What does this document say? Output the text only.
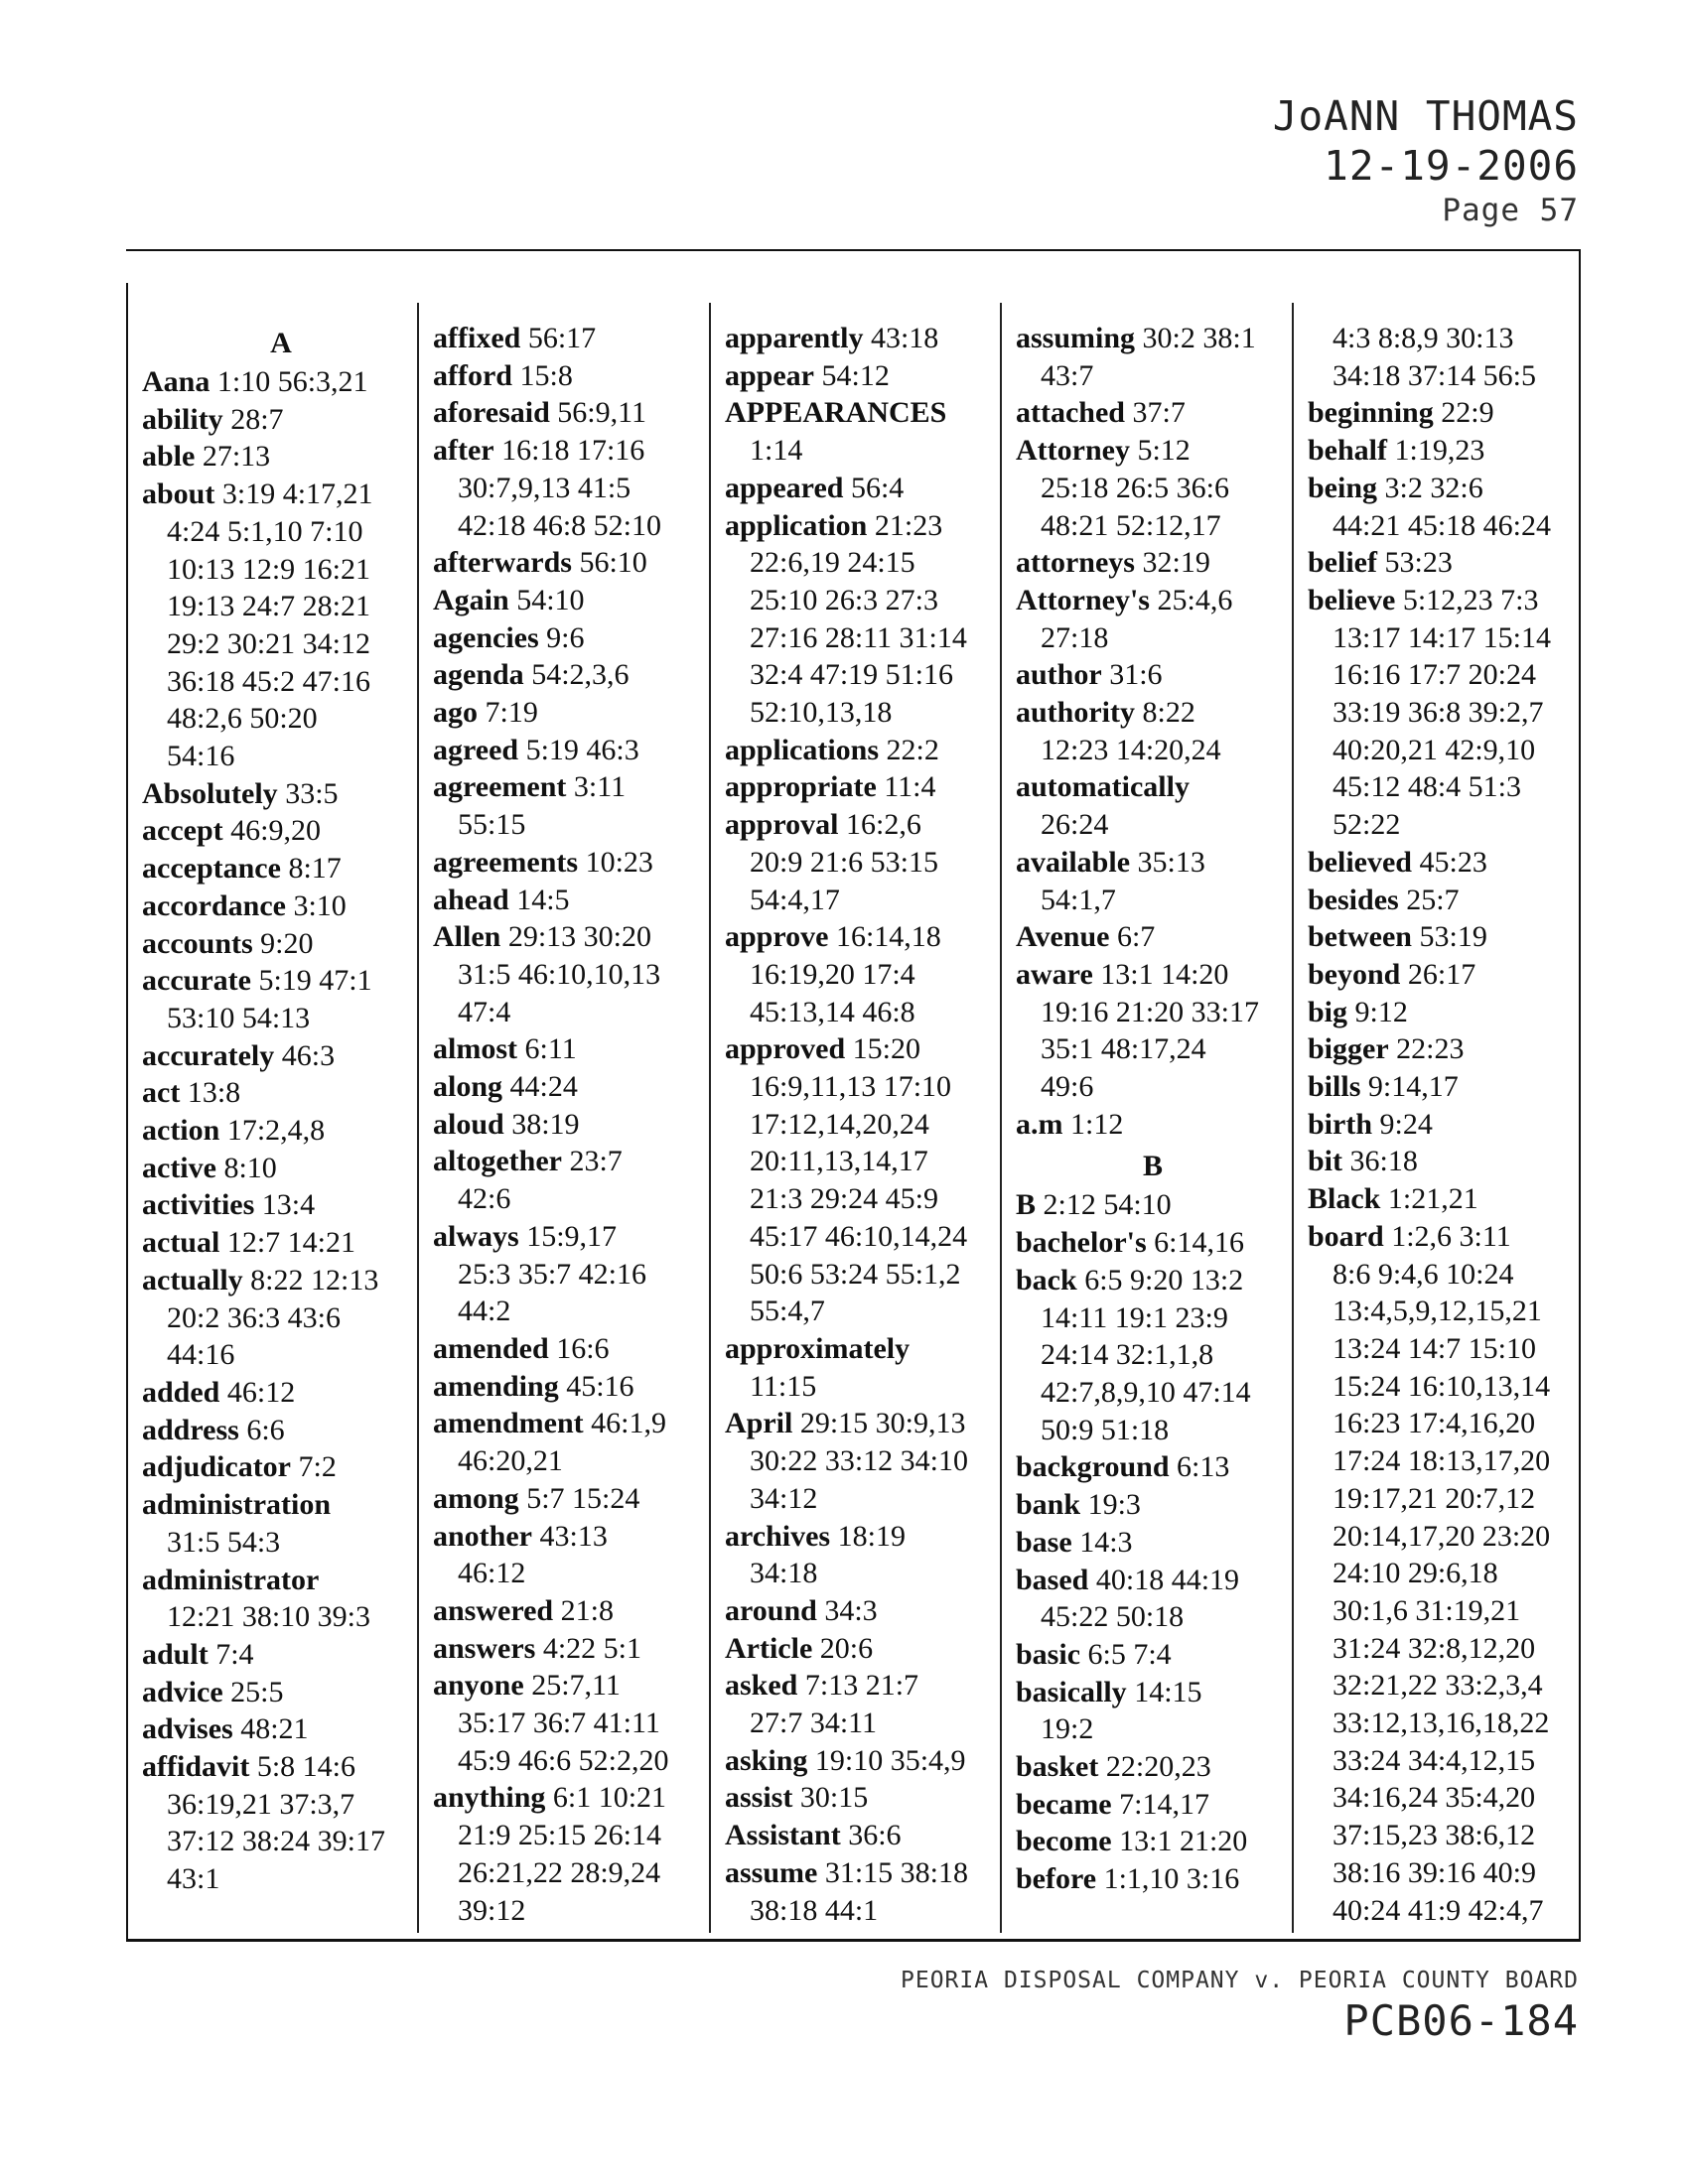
JoANN THOMAS
12-19-2006
Page 57
A
Aana 1:10 56:3,21
ability 28:7
able 27:13
about 3:19 4:17,21
4:24 5:1,10 7:10
10:13 12:9 16:21
19:13 24:7 28:21
29:2 30:21 34:12
36:18 45:2 47:16
48:2,6 50:20
54:16
Absolutely 33:5
accept 46:9,20
acceptance 8:17
accordance 3:10
accounts 9:20
accurate 5:19 47:1
53:10 54:13
accurately 46:3
act 13:8
action 17:2,4,8
active 8:10
activities 13:4
actual 12:7 14:21
actually 8:22 12:13
20:2 36:3 43:6
44:16
added 46:12
address 6:6
adjudicator 7:2
administration
31:5 54:3
administrator
12:21 38:10 39:3
adult 7:4
advice 25:5
advises 48:21
affidavit 5:8 14:6
36:19,21 37:3,7
37:12 38:24 39:17
43:1
affixed 56:17
afford 15:8
aforesaid 56:9,11
after 16:18 17:16
30:7,9,13 41:5
42:18 46:8 52:10
afterwards 56:10
Again 54:10
agencies 9:6
agenda 54:2,3,6
ago 7:19
agreed 5:19 46:3
agreement 3:11
55:15
agreements 10:23
ahead 14:5
Allen 29:13 30:20
31:5 46:10,10,13
47:4
almost 6:11
along 44:24
aloud 38:19
altogether 23:7
42:6
always 15:9,17
25:3 35:7 42:16
44:2
amended 16:6
amending 45:16
amendment 46:1,9
46:20,21
among 5:7 15:24
another 43:13
46:12
answered 21:8
answers 4:22 5:1
anyone 25:7,11
35:17 36:7 41:11
45:9 46:6 52:2,20
anything 6:1 10:21
21:9 25:15 26:14
26:21,22 28:9,24
39:12
apparently 43:18
appear 54:12
APPEARANCES
1:14
appeared 56:4
application 21:23
22:6,19 24:15
25:10 26:3 27:3
27:16 28:11 31:14
32:4 47:19 51:16
52:10,13,18
applications 22:2
appropriate 11:4
approval 16:2,6
20:9 21:6 53:15
54:4,17
approve 16:14,18
16:19,20 17:4
45:13,14 46:8
approved 15:20
16:9,11,13 17:10
17:12,14,20,24
20:11,13,14,17
21:3 29:24 45:9
45:17 46:10,14,24
50:6 53:24 55:1,2
55:4,7
approximately
11:15
April 29:15 30:9,13
30:22 33:12 34:10
34:12
archives 18:19
34:18
around 34:3
Article 20:6
asked 7:13 21:7
27:7 34:11
asking 19:10 35:4,9
assist 30:15
Assistant 36:6
assume 31:15 38:18
38:18 44:1
assuming 30:2 38:1
43:7
attached 37:7
Attorney 5:12
25:18 26:5 36:6
48:21 52:12,17
attorneys 32:19
Attorney's 25:4,6
27:18
author 31:6
authority 8:22
12:23 14:20,24
automatically
26:24
available 35:13
54:1,7
Avenue 6:7
aware 13:1 14:20
19:16 21:20 33:17
35:1 48:17,24
49:6
a.m 1:12
B
B 2:12 54:10
bachelor's 6:14,16
back 6:5 9:20 13:2
14:11 19:1 23:9
24:14 32:1,1,8
42:7,8,9,10 47:14
50:9 51:18
background 6:13
bank 19:3
base 14:3
based 40:18 44:19
45:22 50:18
basic 6:5 7:4
basically 14:15
19:2
basket 22:20,23
became 7:14,17
become 13:1 21:20
before 1:1,10 3:16
4:3 8:8,9 30:13
34:18 37:14 56:5
beginning 22:9
behalf 1:19,23
being 3:2 32:6
44:21 45:18 46:24
belief 53:23
believe 5:12,23 7:3
13:17 14:17 15:14
16:16 17:7 20:24
33:19 36:8 39:2,7
40:20,21 42:9,10
45:12 48:4 51:3
52:22
believed 45:23
besides 25:7
between 53:19
beyond 26:17
big 9:12
bigger 22:23
bills 9:14,17
birth 9:24
bit 36:18
Black 1:21,21
board 1:2,6 3:11
8:6 9:4,6 10:24
13:4,5,9,12,15,21
13:24 14:7 15:10
15:24 16:10,13,14
16:23 17:4,16,20
17:24 18:13,17,20
19:17,21 20:7,12
20:14,17,20 23:20
24:10 29:6,18
30:1,6 31:19,21
31:24 32:8,12,20
32:21,22 33:2,3,4
33:12,13,16,18,22
33:24 34:4,12,15
34:16,24 35:4,20
37:15,23 38:6,12
38:16 39:16 40:9
40:24 41:9 42:4,7
PEORIA DISPOSAL COMPANY v. PEORIA COUNTY BOARD
PCB06-184
